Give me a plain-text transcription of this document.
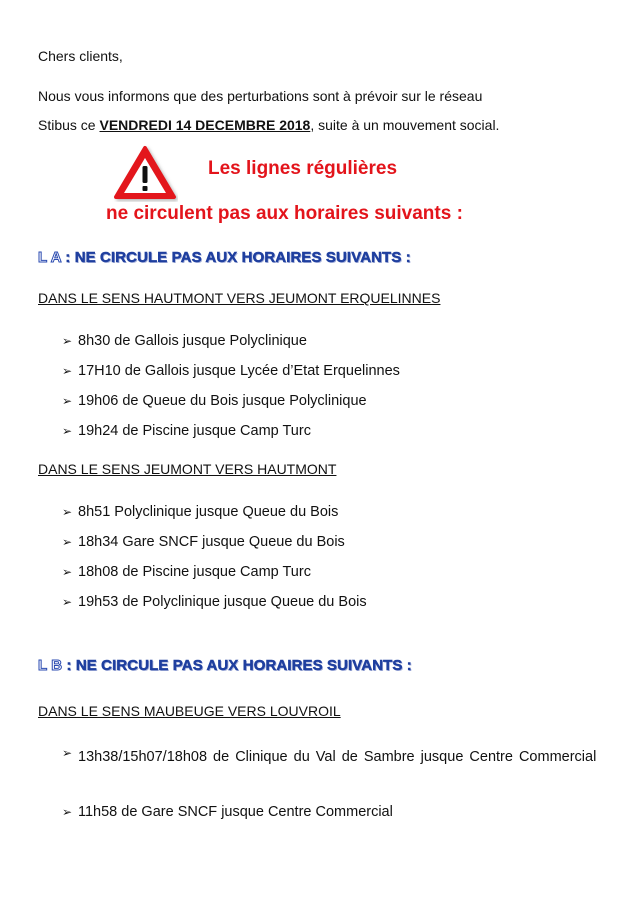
Chers clients,
Nous vous informons que des perturbations sont à prévoir sur le réseau
Stibus ce VENDREDI 14 DECEMBRE 2018, suite à un mouvement social.
Les lignes régulières
ne circulent pas aux horaires suivants :
L A : NE CIRCULE PAS AUX HORAIRES SUIVANTS :
DANS LE SENS HAUTMONT VERS JEUMONT ERQUELINNES
➢ 8h30 de Gallois jusque Polyclinique
➢ 17H10 de Gallois jusque Lycée d’Etat Erquelinnes
➢ 19h06 de Queue du Bois jusque Polyclinique
➢ 19h24 de Piscine jusque Camp Turc
DANS LE SENS JEUMONT VERS HAUTMONT
➢ 8h51 Polyclinique jusque Queue du Bois
➢ 18h34 Gare SNCF jusque Queue du Bois
➢ 18h08 de Piscine jusque Camp Turc
➢ 19h53 de Polyclinique jusque Queue du Bois
L B : NE CIRCULE PAS AUX HORAIRES SUIVANTS :
DANS LE SENS MAUBEUGE VERS LOUVROIL
➢ 13h38/15h07/18h08 de Clinique du Val de Sambre jusque Centre Commercial
➢ 11h58 de Gare SNCF jusque Centre Commercial
